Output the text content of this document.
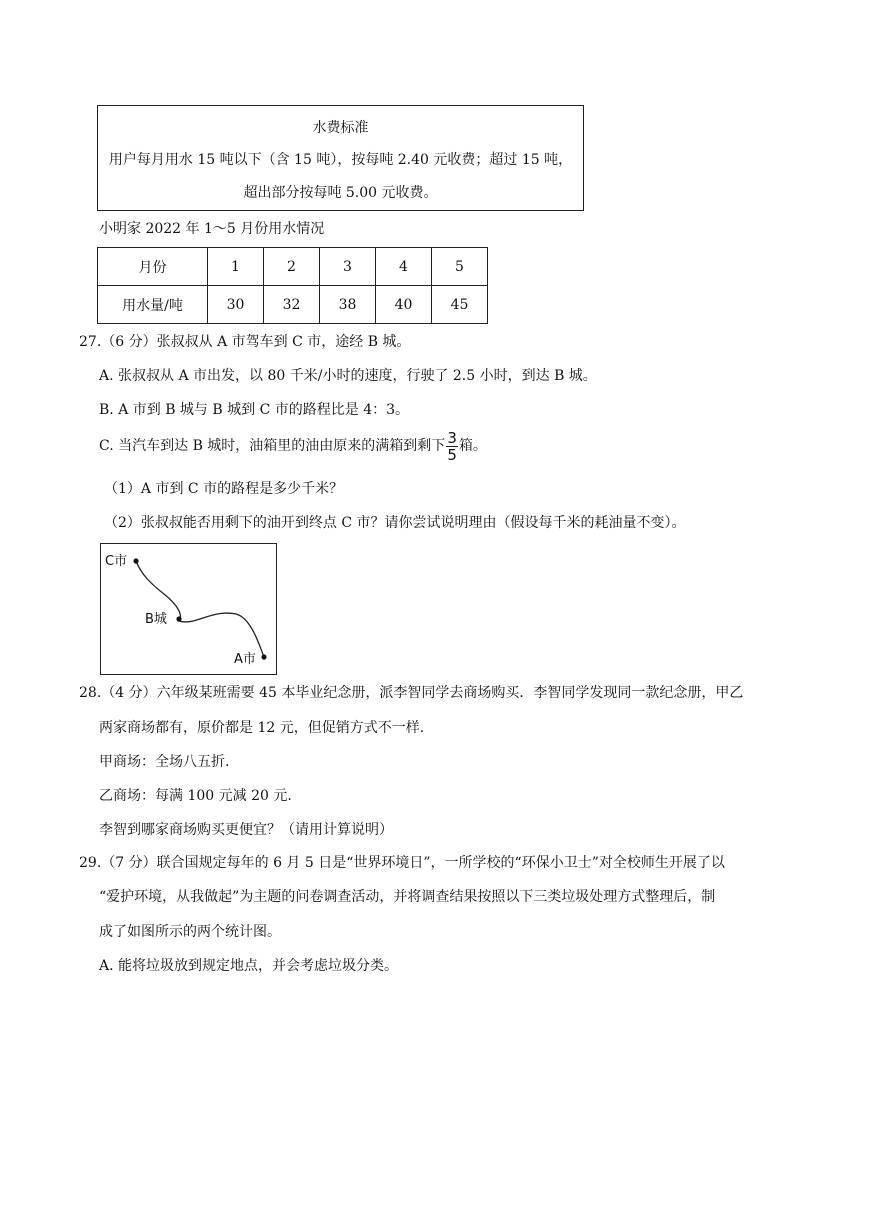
水费标准
用户每月用水 15 吨以下（含 15 吨），按每吨 2.40 元收费；超过 15 吨，
超出部分按每吨 5.00 元收费。
小明家 2022 年 1～5 月份用水情况
月份	1	2	3	4	5
用水量/吨	30	32	38	40	45
27.（6 分）张叔叔从 A 市驾车到 C 市，途经 B 城。
A. 张叔叔从 A 市出发，以 80 千米/小时的速度，行驶了 2.5 小时，到达 B 城。
B. A 市到 B 城与 B 城到 C 市的路程比是 4：3。
C. 当汽车到达 B 城时，油箱里的油由原来的满箱到剩下 $\frac{3}{5}$ 箱。
（1）A 市到 C 市的路程是多少千米？
（2）张叔叔能否用剩下的油开到终点 C 市？请你尝试说明理由（假设每千米的耗油量不变）。
C市
B城
A市
28.（4 分）六年级某班需要 45 本毕业纪念册，派李智同学去商场购买．李智同学发现同一款纪念册，甲乙
两家商场都有，原价都是 12 元，但促销方式不一样.
甲商场：全场八五折.
乙商场：每满 100 元减 20 元.
李智到哪家商场购买更便宜？（请用计算说明）
29.（7 分）联合国规定每年的 6 月 5 日是“世界环境日”，一所学校的“环保小卫士”对全校师生开展了以
“爱护环境，从我做起”为主题的问卷调查活动，并将调查结果按照以下三类垃圾处理方式整理后，制
成了如图所示的两个统计图。
A. 能将垃圾放到规定地点，并会考虑垃圾分类。
